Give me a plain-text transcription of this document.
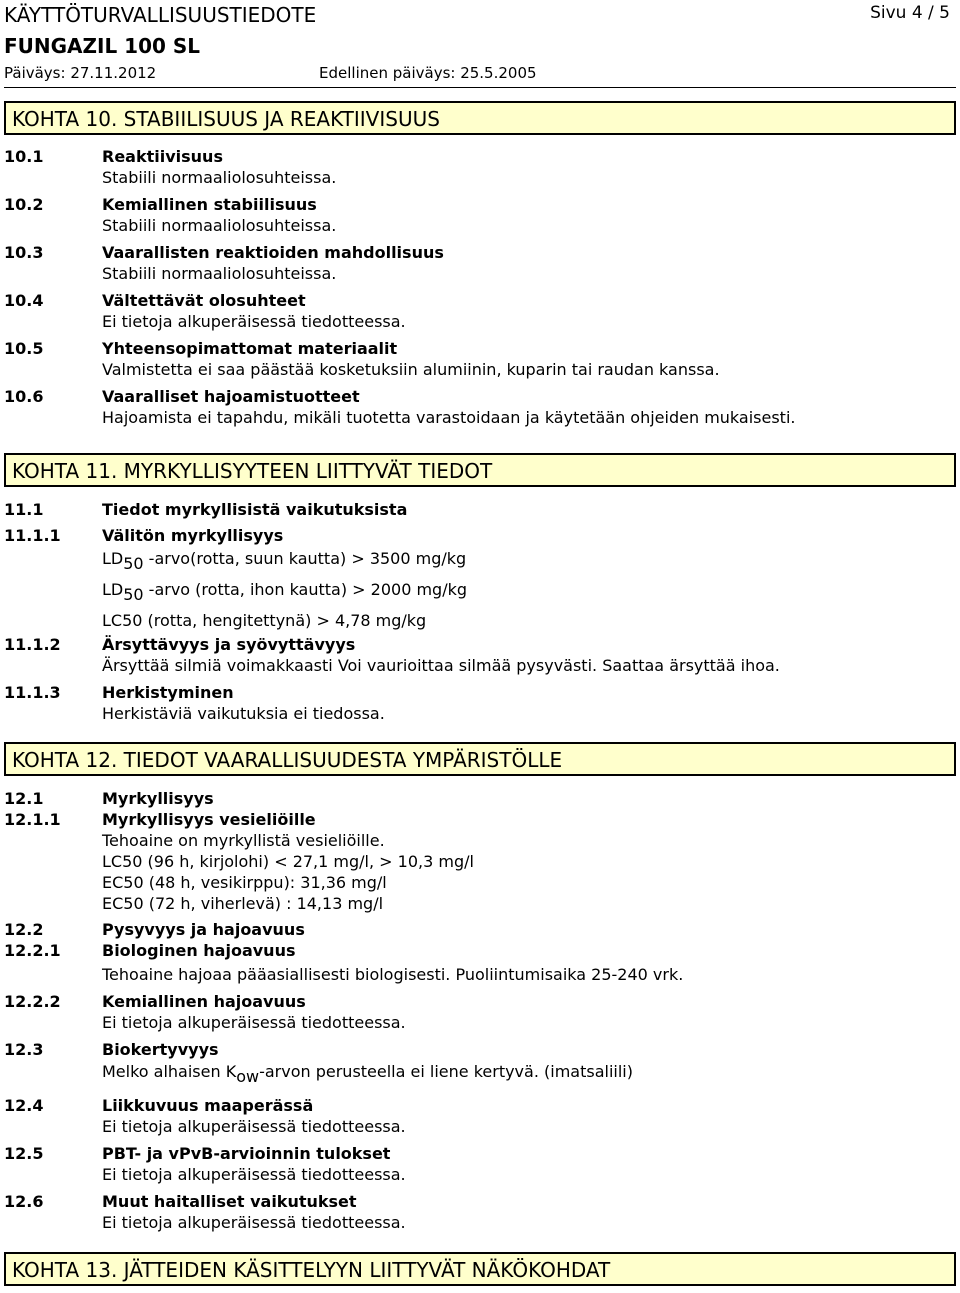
KÄYTTÖTURVALLISUUSTIEDOTE	Sivu 4 / 5
FUNGAZIL 100 SL
Päiväys: 27.11.2012	Edellinen päiväys: 25.5.2005
KOHTA 10. STABIILISUUS JA REAKTIIVISUUS
10.1	Reaktiivisuus
Stabiili normaaliolosuhteissa.
10.2	Kemiallinen stabiilisuus
Stabiili normaaliolosuhteissa.
10.3	Vaarallisten reaktioiden mahdollisuus
Stabiili normaaliolosuhteissa.
10.4	Vältettävät olosuhteet
Ei tietoja alkuperäisessä tiedotteessa.
10.5	Yhteensopimattomat materiaalit
Valmistetta ei saa päästää kosketuksiin alumiinin, kuparin tai raudan kanssa.
10.6	Vaaralliset hajoamistuotteet
Hajoamista ei tapahdu, mikäli tuotetta varastoidaan ja käytetään ohjeiden mukaisesti.
KOHTA 11. MYRKYLLISYYTEEN LIITTYVÄT TIEDOT
11.1	Tiedot myrkyllisistä vaikutuksista
11.1.1	Välitön myrkyllisyys
$LD_{50}$ -arvo(rotta, suun kautta) > 3500 mg/kg
$LD_{50}$ -arvo (rotta, ihon kautta) > 2000 mg/kg
LC50 (rotta, hengitettynä) > 4,78 mg/kg
11.1.2	Ärsyttävyys ja syövyttävyys
Ärsyttää silmiä voimakkaasti Voi vaurioittaa silmää pysyvästi. Saattaa ärsyttää ihoa.
11.1.3	Herkistyminen
Herkistäviä vaikutuksia ei tiedossa.
KOHTA 12. TIEDOT VAARALLISUUDESTA YMPÄRISTÖLLE
12.1	Myrkyllisyys
12.1.1	Myrkyllisyys vesieliöille
Tehoaine on myrkyllistä vesieliöille.
LC50 (96 h, kirjolohi) < 27,1 mg/l, > 10,3 mg/l
EC50 (48 h, vesikirppu): 31,36 mg/l
EC50 (72 h, viherlevä) : 14,13 mg/l
12.2	Pysyvyys ja hajoavuus
12.2.1	Biologinen hajoavuus
Tehoaine hajoaa pääasiallisesti biologisesti. Puoliintumisaika 25-240 vrk.
12.2.2	Kemiallinen hajoavuus
Ei tietoja alkuperäisessä tiedotteessa.
12.3	Biokertyvyys
Melko alhaisen $K_{ow}$-arvon perusteella ei liene kertyvä. (imatsaliili)
12.4	Liikkuvuus maaperässä
Ei tietoja alkuperäisessä tiedotteessa.
12.5	PBT- ja vPvB-arvioinnin tulokset
Ei tietoja alkuperäisessä tiedotteessa.
12.6	Muut haitalliset vaikutukset
Ei tietoja alkuperäisessä tiedotteessa.
KOHTA 13. JÄTTEIDEN KÄSITTELYYN LIITTYVÄT NÄKÖKOHDAT
